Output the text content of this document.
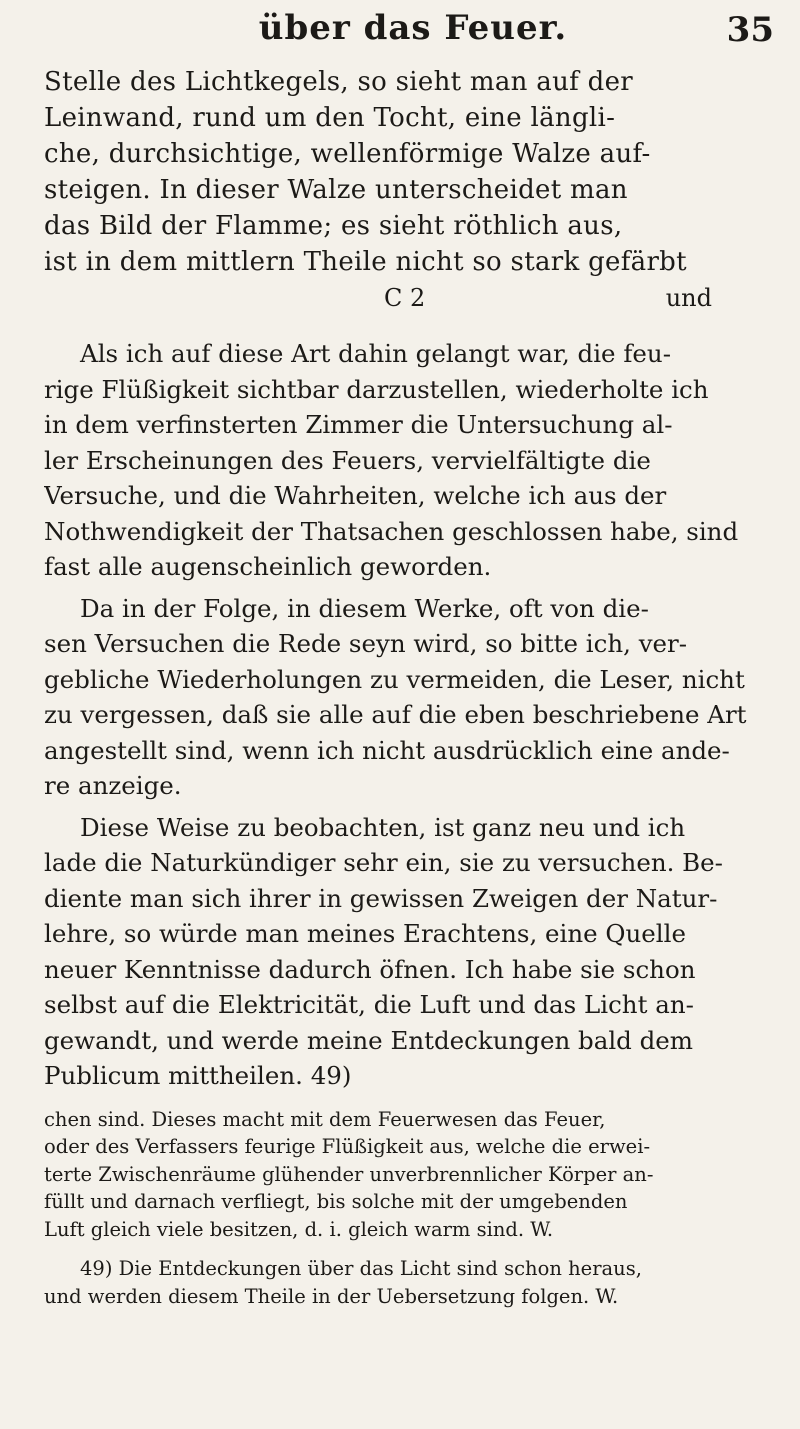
über das Feuer.	35
Stelle des Lichtkegels, so sieht man auf der
Leinwand, rund um den Tocht, eine längli-
che, durchsichtige, wellenförmige Walze auf-
steigen. In dieser Walze unterscheidet man
das Bild der Flamme; es sieht röthlich aus,
ist in dem mittlern Theile nicht so stark gefärbt
C 2	und
Als ich auf diese Art dahin gelangt war, die feu-
rige Flüßigkeit sichtbar darzustellen, wiederholte ich
in dem verfinsterten Zimmer die Untersuchung al-
ler Erscheinungen des Feuers, vervielfältigte die
Versuche, und die Wahrheiten, welche ich aus der
Nothwendigkeit der Thatsachen geschlossen habe, sind
fast alle augenscheinlich geworden.
Da in der Folge, in diesem Werke, oft von die-
sen Versuchen die Rede seyn wird, so bitte ich, ver-
gebliche Wiederholungen zu vermeiden, die Leser, nicht
zu vergessen, daß sie alle auf die eben beschriebene Art
angestellt sind, wenn ich nicht ausdrücklich eine ande-
re anzeige.
Diese Weise zu beobachten, ist ganz neu und ich
lade die Naturkündiger sehr ein, sie zu versuchen. Be-
diente man sich ihrer in gewissen Zweigen der Natur-
lehre, so würde man meines Erachtens, eine Quelle
neuer Kenntnisse dadurch öfnen. Ich habe sie schon
selbst auf die Elektricität, die Luft und das Licht an-
gewandt, und werde meine Entdeckungen bald dem
Publicum mittheilen. 49)
chen sind. Dieses macht mit dem Feuerwesen das Feuer,
oder des Verfassers feurige Flüßigkeit aus, welche die erwei-
terte Zwischenräume glühender unverbrennlicher Körper an-
füllt und darnach verfliegt, bis solche mit der umgebenden
Luft gleich viele besitzen, d. i. gleich warm sind. W.
49) Die Entdeckungen über das Licht sind schon heraus,
und werden diesem Theile in der Uebersetzung folgen. W.
